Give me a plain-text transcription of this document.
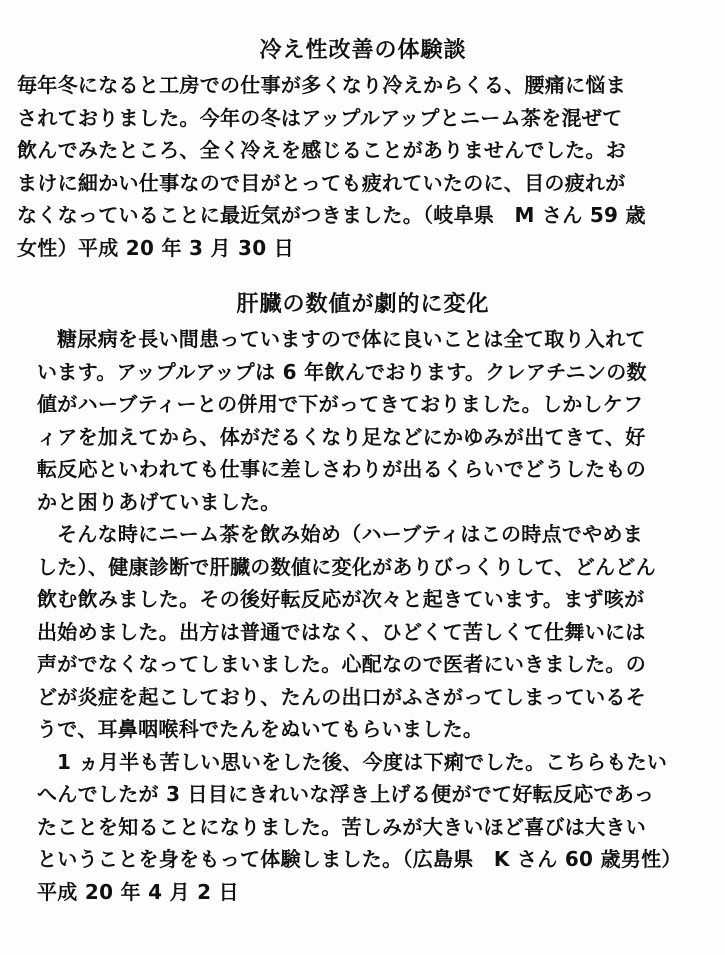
冷え性改善の体験談

毎年冬になると工房での仕事が多くなり冷えからくる、腰痛に悩ま
されておりました。今年の冬はアップルアップとニーム茶を混ぜて
飲んでみたところ、全く冷えを感じることがありませんでした。お
まけに細かい仕事なので目がとっても疲れていたのに、目の疲れが
なくなっていることに最近気がつきました。（岐阜県　M さん 59 歳
女性）平成 20 年 3 月 30 日

肝臓の数値が劇的に変化

糖尿病を長い間患っていますので体に良いことは全て取り入れて
います。アップルアップは 6 年飲んでおります。クレアチニンの数
値がハーブティーとの併用で下がってきておりました。しかしケフ
ィアを加えてから、体がだるくなり足などにかゆみが出てきて、好
転反応といわれても仕事に差しさわりが出るくらいでどうしたもの
かと困りあげていました。

そんな時にニーム茶を飲み始め（ハーブティはこの時点でやめま
した）、健康診断で肝臓の数値に変化がありびっくりして、どんどん
飲む飲みました。その後好転反応が次々と起きています。まず咳が
出始めました。出方は普通ではなく、ひどくて苦しくて仕舞いには
声がでなくなってしまいました。心配なので医者にいきました。の
どが炎症を起こしており、たんの出口がふさがってしまっているそ
うで、耳鼻咽喉科でたんをぬいてもらいました。

1 ヵ月半も苦しい思いをした後、今度は下痢でした。こちらもたい
へんでしたが 3 日目にきれいな浮き上げる便がでて好転反応であっ
たことを知ることになりました。苦しみが大きいほど喜びは大きい
ということを身をもって体験しました。（広島県　K さん 60 歳男性）
平成 20 年 4 月 2 日
